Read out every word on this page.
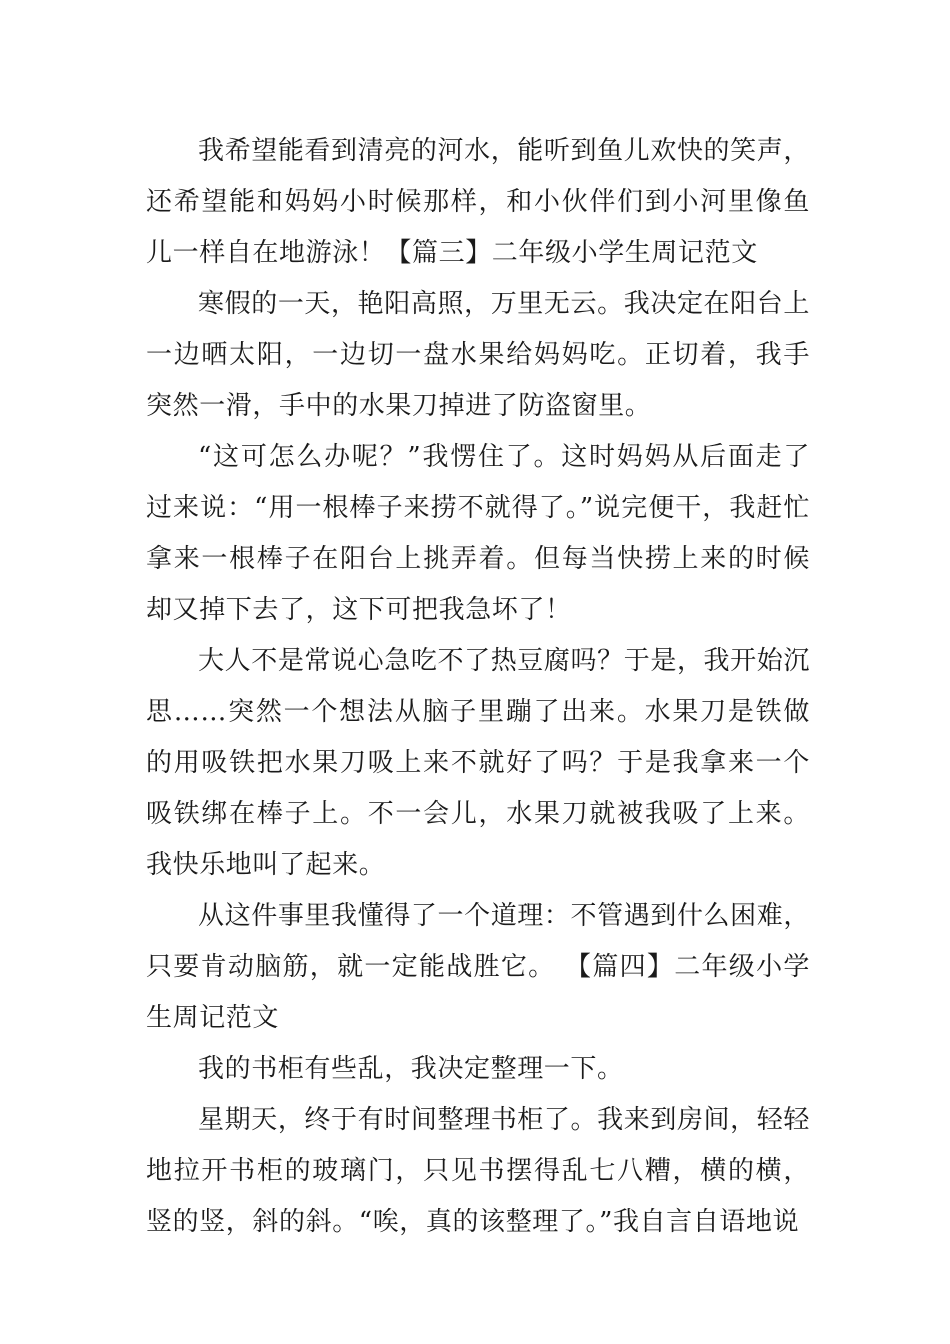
我希望能看到清亮的河水，能听到鱼儿欢快的笑声，还希望能和妈妈小时候那样，和小伙伴们到小河里像鱼儿一样自在地游泳！【篇三】二年级小学生周记范文

寒假的一天，艳阳高照，万里无云。我决定在阳台上一边晒太阳，一边切一盘水果给妈妈吃。正切着，我手突然一滑，手中的水果刀掉进了防盗窗里。

“这可怎么办呢？”我愣住了。这时妈妈从后面走了过来说：“用一根棒子来捞不就得了。”说完便干，我赶忙拿来一根棒子在阳台上挑弄着。但每当快捞上来的时候却又掉下去了，这下可把我急坏了！

大人不是常说心急吃不了热豆腐吗？于是，我开始沉思……突然一个想法从脑子里蹦了出来。水果刀是铁做的用吸铁把水果刀吸上来不就好了吗？于是我拿来一个吸铁绑在棒子上。不一会儿，水果刀就被我吸了上来。我快乐地叫了起来。

从这件事里我懂得了一个道理：不管遇到什么困难，只要肯动脑筋，就一定能战胜它。 【篇四】二年级小学生周记范文

我的书柜有些乱，我决定整理一下。

星期天，终于有时间整理书柜了。我来到房间，轻轻地拉开书柜的玻璃门，只见书摆得乱七八糟，横的横，竖的竖，斜的斜。“唉，真的该整理了。”我自言自语地说
